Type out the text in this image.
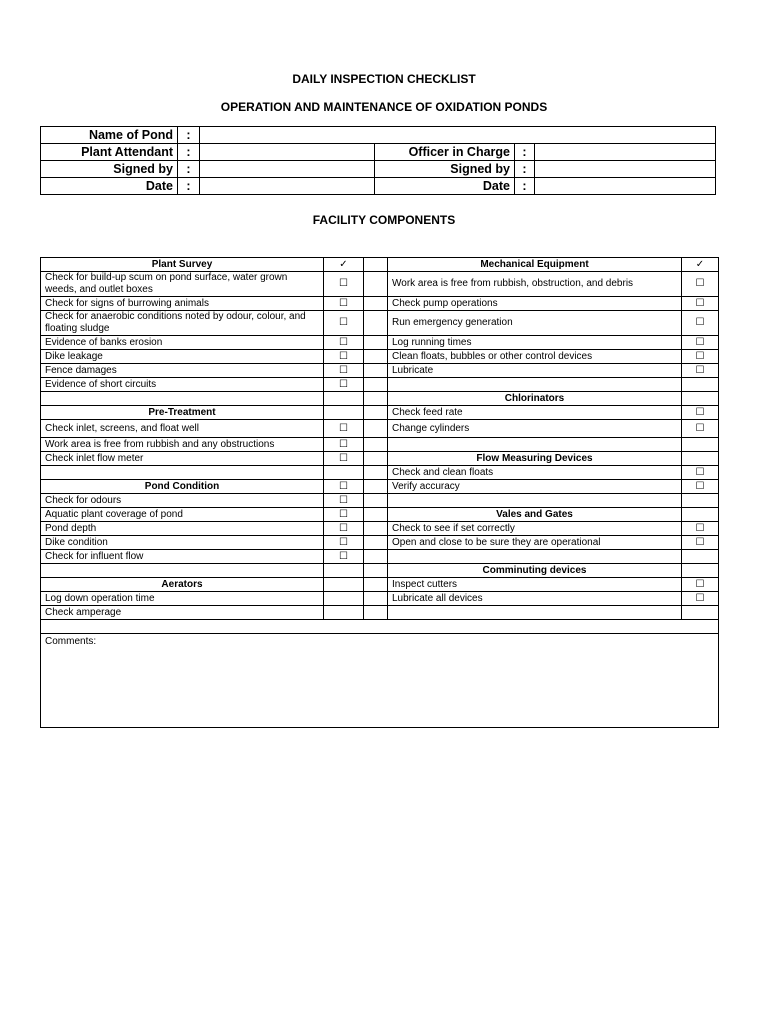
DAILY INSPECTION CHECKLIST
OPERATION AND MAINTENANCE OF OXIDATION PONDS
Name of Pond	:				
Plant Attendant	:		Officer in Charge	:	
Signed by	:		Signed by	:	
Date	:		Date	:	
FACILITY COMPONENTS
Plant Survey	✓		Mechanical Equipment	✓
Check for build-up scum on pond surface, water grown weeds, and outlet boxes	☐		Work area is free from rubbish, obstruction, and debris	☐
Check for signs of burrowing animals	☐		Check pump operations	☐
Check for anaerobic conditions noted by odour, colour, and floating sludge	☐		Run emergency generation	☐
Evidence of banks erosion	☐		Log running times	☐
Dike leakage	☐		Clean floats, bubbles or other control devices	☐
Fence damages	☐		Lubricate	☐
Evidence of short circuits	☐			
			Chlorinators	
Pre-Treatment			Check feed rate	☐
Check inlet, screens, and float well	☐		Change cylinders	☐
Work area is free from rubbish and any obstructions	☐			
Check inlet flow meter	☐		Flow Measuring Devices	
			Check and clean floats	☐
Pond Condition	☐		Verify accuracy	☐
Check for odours	☐			
Aquatic plant coverage of pond	☐		Vales and Gates	
Pond depth	☐		Check to see if set correctly	☐
Dike condition	☐		Open and close to be sure they are operational	☐
Check for influent flow	☐			
			Comminuting devices	
Aerators			Inspect cutters	☐
Log down operation time			Lubricate all devices	☐
Check amperage				

Comments:				
